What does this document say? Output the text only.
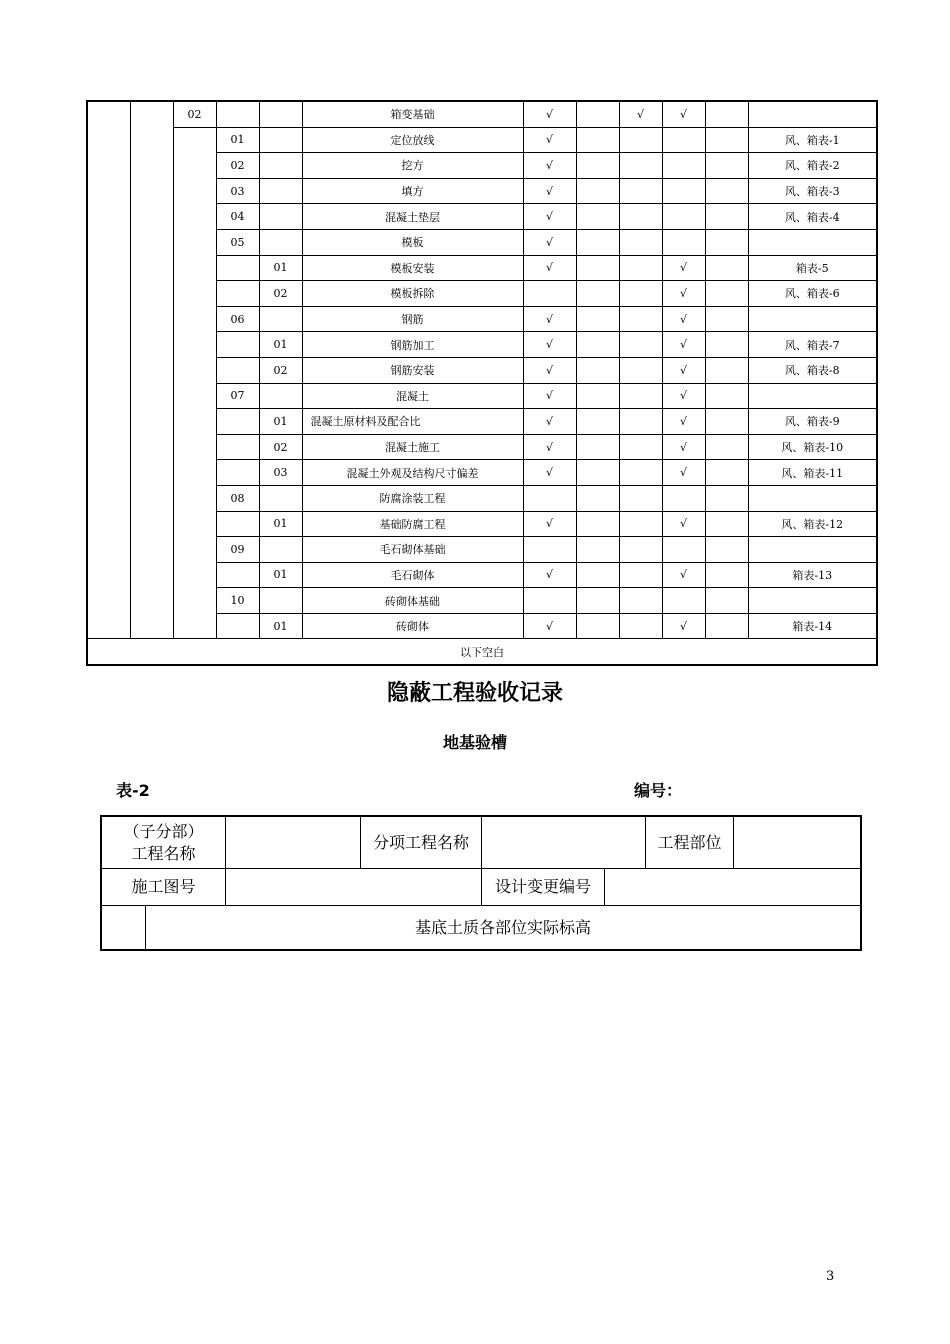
		02			箱变基础	√		√	√		
			01		定位放线	√					风、箱表-1
			02		挖方	√					风、箱表-2
			03		填方	√					风、箱表-3
			04		混凝土垫层	√					风、箱表-4
			05		模板	√					
				01	模板安装	√			√		箱表-5
				02	模板拆除				√		风、箱表-6
			06		钢筋	√			√		
				01	钢筋加工	√			√		风、箱表-7
				02	钢筋安装	√			√		风、箱表-8
			07		混凝土	√			√		
				01	混凝土原材料及配合比	√			√		风、箱表-9
				02	混凝土施工	√			√		风、箱表-10
				03	混凝土外观及结构尺寸偏差	√			√		风、箱表-11
			08		防腐涂装工程						
				01	基础防腐工程	√			√		风、箱表-12
			09		毛石砌体基础						
				01	毛石砌体	√			√		箱表-13
			10		砖砌体基础						
				01	砖砌体	√			√		箱表-14
以下空白											
隐蔽工程验收记录
地基验槽
表-2	编号：
（子分部）
工程名称
分项工程名称	工程部位
施工图号	设计变更编号
基底土质各部位实际标高
3
